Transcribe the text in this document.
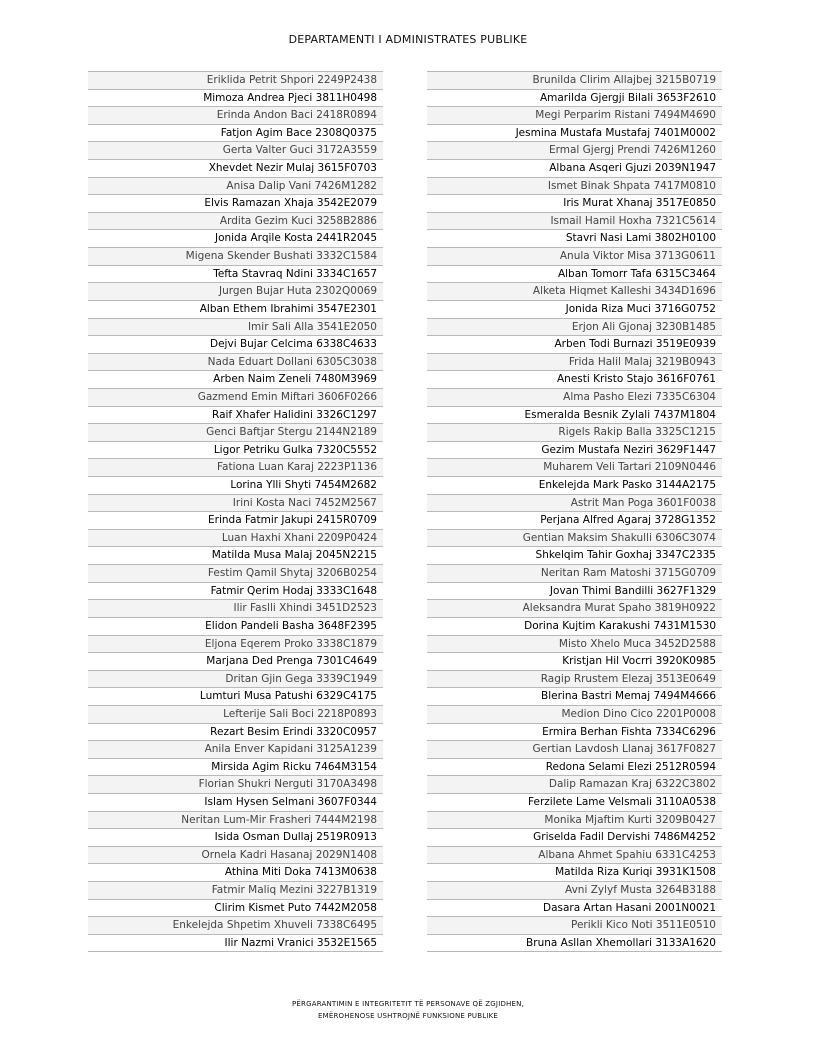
DEPARTAMENTI I ADMINISTRATES PUBLIKE
Eriklida Petrit Shpori 2249P2438
Mimoza Andrea Pjeci 3811H0498
Erinda Andon Baci 2418R0894
Fatjon Agim Bace 2308Q0375
Gerta Valter Guci 3172A3559
Xhevdet Nezir Mulaj 3615F0703
Anisa Dalip Vani 7426M1282
Elvis Ramazan Xhaja 3542E2079
Ardita Gezim Kuci 3258B2886
Jonida Arqile Kosta 2441R2045
Migena Skender Bushati 3332C1584
Tefta Stavraq Ndini 3334C1657
Jurgen Bujar Huta 2302Q0069
Alban Ethem Ibrahimi 3547E2301
Imir Sali Alla 3541E2050
Dejvi Bujar Celcima 6338C4633
Nada Eduart Dollani 6305C3038
Arben Naim Zeneli 7480M3969
Gazmend Emin Miftari 3606F0266
Raif Xhafer Halidini 3326C1297
Genci Baftjar Stergu 2144N2189
Ligor Petriku Gulka 7320C5552
Fationa Luan Karaj 2223P1136
Lorina Ylli Shyti 7454M2682
Irini Kosta Naci 7452M2567
Erinda Fatmir Jakupi 2415R0709
Luan Haxhi Xhani 2209P0424
Matilda Musa Malaj 2045N2215
Festim Qamil Shytaj 3206B0254
Fatmir Qerim Hodaj 3333C1648
Ilir Faslli Xhindi 3451D2523
Elidon Pandeli Basha 3648F2395
Eljona Eqerem Proko 3338C1879
Marjana Ded Prenga 7301C4649
Dritan Gjin Gega 3339C1949
Lumturi Musa Patushi 6329C4175
Lefterije Sali Boci 2218P0893
Rezart Besim Erindi 3320C0957
Anila Enver Kapidani 3125A1239
Mirsida Agim Ricku 7464M3154
Florian Shukri Nerguti 3170A3498
Islam Hysen Selmani 3607F0344
Neritan Lum-Mir Frasheri 7444M2198
Isida Osman Dullaj 2519R0913
Ornela Kadri Hasanaj 2029N1408
Athina Miti Doka 7413M0638
Fatmir Maliq Mezini 3227B1319
Clirim Kismet Puto 7442M2058
Enkelejda Shpetim Xhuveli 7338C6495
Ilir Nazmi Vranici 3532E1565
Brunilda Clirim Allajbej 3215B0719
Amarilda Gjergji Bilali 3653F2610
Megi Perparim Ristani 7494M4690
Jesmina Mustafa Mustafaj 7401M0002
Ermal Gjergj Prendi 7426M1260
Albana Asqeri Gjuzi 2039N1947
Ismet Binak Shpata 7417M0810
Iris Murat Xhanaj 3517E0850
Ismail Hamil Hoxha 7321C5614
Stavri Nasi Lami 3802H0100
Anula Viktor Misa 3713G0611
Alban Tomorr Tafa 6315C3464
Alketa Hiqmet Kalleshi 3434D1696
Jonida Riza Muci 3716G0752
Erjon Ali Gjonaj 3230B1485
Arben Todi Burnazi 3519E0939
Frida Halil Malaj 3219B0943
Anesti Kristo Stajo 3616F0761
Alma Pasho Elezi 7335C6304
Esmeralda Besnik Zylali 7437M1804
Rigels Rakip Balla 3325C1215
Gezim Mustafa Neziri 3629F1447
Muharem Veli Tartari 2109N0446
Enkelejda Mark Pasko 3144A2175
Astrit Man Poga 3601F0038
Perjana Alfred Agaraj 3728G1352
Gentian Maksim Shakulli 6306C3074
Shkelqim Tahir Goxhaj 3347C2335
Neritan Ram Matoshi 3715G0709
Jovan Thimi Bandilli 3627F1329
Aleksandra Murat Spaho 3819H0922
Dorina Kujtim Karakushi 7431M1530
Misto Xhelo Muca 3452D2588
Kristjan Hil Vocrri 3920K0985
Ragip Rrustem Elezaj 3513E0649
Blerina Bastri Memaj 7494M4666
Medion Dino Cico 2201P0008
Ermira Berhan Fishta 7334C6296
Gertian Lavdosh Llanaj 3617F0827
Redona Selami Elezi 2512R0594
Dalip Ramazan Kraj 6322C3802
Ferzilete Lame Velsmali 3110A0538
Monika Mjaftim Kurti 3209B0427
Griselda Fadil Dervishi 7486M4252
Albana Ahmet Spahiu 6331C4253
Matilda Riza Kuriqi 3931K1508
Avni Zylyf Musta 3264B3188
Dasara Artan Hasani 2001N0021
Perikli Kico Noti 3511E0510
Bruna Asllan Xhemollari 3133A1620
PËRGARANTIMIN E INTEGRITETIT TË PERSONAVE QË ZGJIDHEN,
EMËROHENOSE USHTROJNË FUNKSIONE PUBLIKE
